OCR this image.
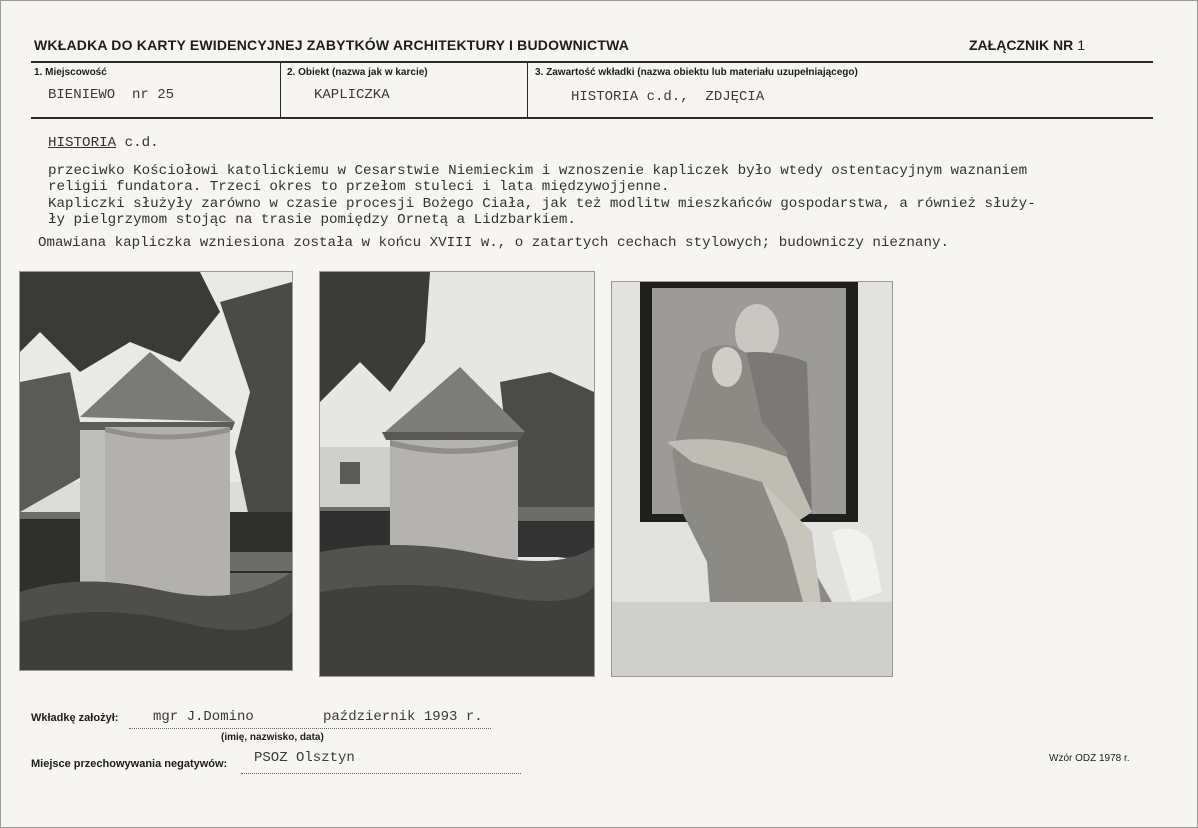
WKŁADKA DO KARTY EWIDENCYJNEJ ZABYTKÓW ARCHITEKTURY I BUDOWNICTWA	ZAŁĄCZNIK NR 1
1. Miejscowość
BIENIEWO  nr 25
2. Obiekt (nazwa jak w karcie)
KAPLICZKA
3. Zawartość wkładki (nazwa obiektu lub materiału uzupełniającego)
HISTORIA c.d.,  ZDJĘCIA
HISTORIA c.d.
przeciwko Kościołowi katolickiemu w Cesarstwie Niemieckim i wznoszenie kapliczek było wtedy ostentacyjnym waznaniem
religii fundatora. Trzeci okres to przełom stuleci i lata międzywojjenne.
Kapliczki służyły zarówno w czasie procesji Bożego Ciała, jak też modlitw mieszkańców gospodarstwa, a również służy-
ły pielgrzymom stojąc na trasie pomiędzy Ornetą a Lidzbarkiem.
Omawiana kapliczka wzniesiona została w końcu XVIII w., o zatartych cechach stylowych; budowniczy nieznany.
Wkładkę założył: mgr J.Domino	październik 1993 r.
(imię, nazwisko, data)
Miejsce przechowywania negatywów: PSOZ Olsztyn	Wzór ODZ 1978 r.
